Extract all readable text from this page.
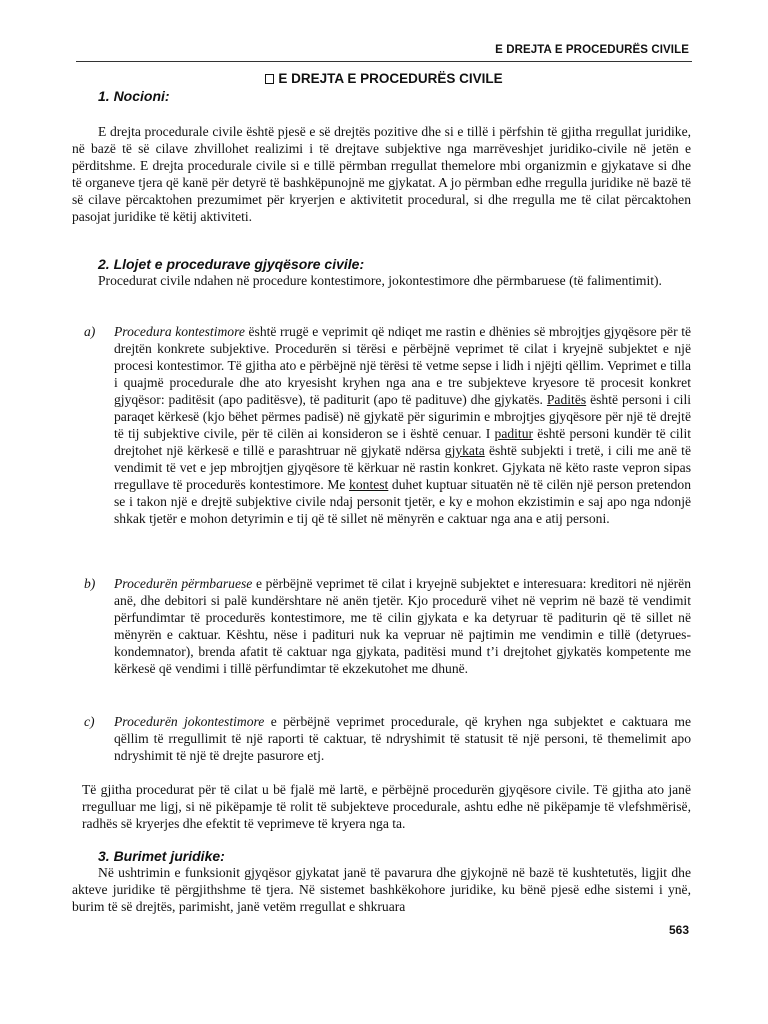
E DREJTA E PROCEDURËS CIVILE
E DREJTA E PROCEDURËS CIVILE
1. Nocioni:
E drejta procedurale civile është pjesë e së drejtës pozitive dhe si e tillë i përfshin të gjitha rregullat juridike, në bazë të së cilave zhvillohet realizimi i të drejtave subjektive nga marrëveshjet juridiko-civile në jetën e përditshme. E drejta procedurale civile si e tillë përmban rregullat themelore mbi organizmin e gjykatave si dhe të organeve tjera që kanë për detyrë të bashkëpunojnë me gjykatat. A jo përmban edhe rregulla juridike në bazë të së cilave përcaktohen prezumimet për kryerjen e aktivitetit procedural, si dhe rregulla me të cilat përcaktohen pasojat juridike të këtij aktiviteti.
2. Llojet e procedurave gjyqësore civile:
Procedurat civile ndahen në procedure kontestimore, jokontestimore dhe përmbaruese (të falimentimit).
a) Procedura kontestimore është rrugë e veprimit që ndiqet me rastin e dhënies së mbrojtjes gjyqësore për të drejtën konkrete subjektive. Procedurën si tërësi e përbëjnë veprimet të cilat i kryejnë subjektet e një procesi kontestimor. Të gjitha ato e përbëjnë një tërësi të vetme sepse i lidh i njëjti qëllim. Veprimet e tilla i quajmë procedurale dhe ato kryesisht kryhen nga ana e tre subjekteve kryesore të procesit konkret gjyqësor: paditësit (apo paditësve), të paditurit (apo të padituve) dhe gjykatës. Paditës është personi i cili paraqet kërkesë (kjo bëhet përmes padisë) në gjykatë për sigurimin e mbrojtjes gjyqësore për një të drejtë të tij subjektive civile, për të cilën ai konsideron se i është cenuar. I paditur është personi kundër të cilit drejtohet një kërkesë e tillë e parashtruar në gjykatë ndërsa gjykata është subjekti i tretë, i cili me anë të vendimit të vet e jep mbrojtjen gjyqësore të kërkuar në rastin konkret. Gjykata në këto raste vepron sipas rregullave të procedurës kontestimore. Me kontest duhet kuptuar situatën në të cilën një person pretendon se i takon një e drejtë subjektive civile ndaj personit tjetër, e ky e mohon ekzistimin e saj apo nga ndonjë shkak tjetër e mohon detyrimin e tij që të sillet në mënyrën e caktuar nga ana e atij personi.
b) Procedurën përmbaruese e përbëjnë veprimet të cilat i kryejnë subjektet e interesuara: kreditori në njërën anë, dhe debitori si palë kundërshtare në anën tjetër. Kjo procedurë vihet në veprim në bazë të vendimit përfundimtar të procedurës kontestimore, me të cilin gjykata e ka detyruar të paditurin që të sillet në mënyrën e caktuar. Kështu, nëse i padituri nuk ka vepruar në pajtimin me vendimin e tillë (detyrues- kondemnator), brenda afatit të caktuar nga gjykata, paditësi mund t’i drejtohet gjykatës kompetente me kërkesë që vendimi i tillë përfundimtar të ekzekutohet me dhunë.
c) Procedurën jokontestimore e përbëjnë veprimet procedurale, që kryhen nga subjektet e caktuara me qëllim të rregullimit të një raporti të caktuar, të ndryshimit të statusit të një personi, të themelimit apo ndryshimit të një të drejte pasurore etj.
Të gjitha procedurat për të cilat u bë fjalë më lartë, e përbëjnë procedurën gjyqësore civile. Të gjitha ato janë rregulluar me ligj, si në pikëpamje të rolit të subjekteve procedurale, ashtu edhe në pikëpamje të vlefshmërisë, radhës së kryerjes dhe efektit të veprimeve të kryera nga ta.
3. Burimet juridike:
Në ushtrimin e funksionit gjyqësor gjykatat janë të pavarura dhe gjykojnë në bazë të kushtetutës, ligjit dhe akteve juridike të përgjithshme të tjera. Në sistemet bashkëkohore juridike, ku bënë pjesë edhe sistemi i ynë, burim të së drejtës, parimisht, janë vetëm rregullat e shkruara
563
